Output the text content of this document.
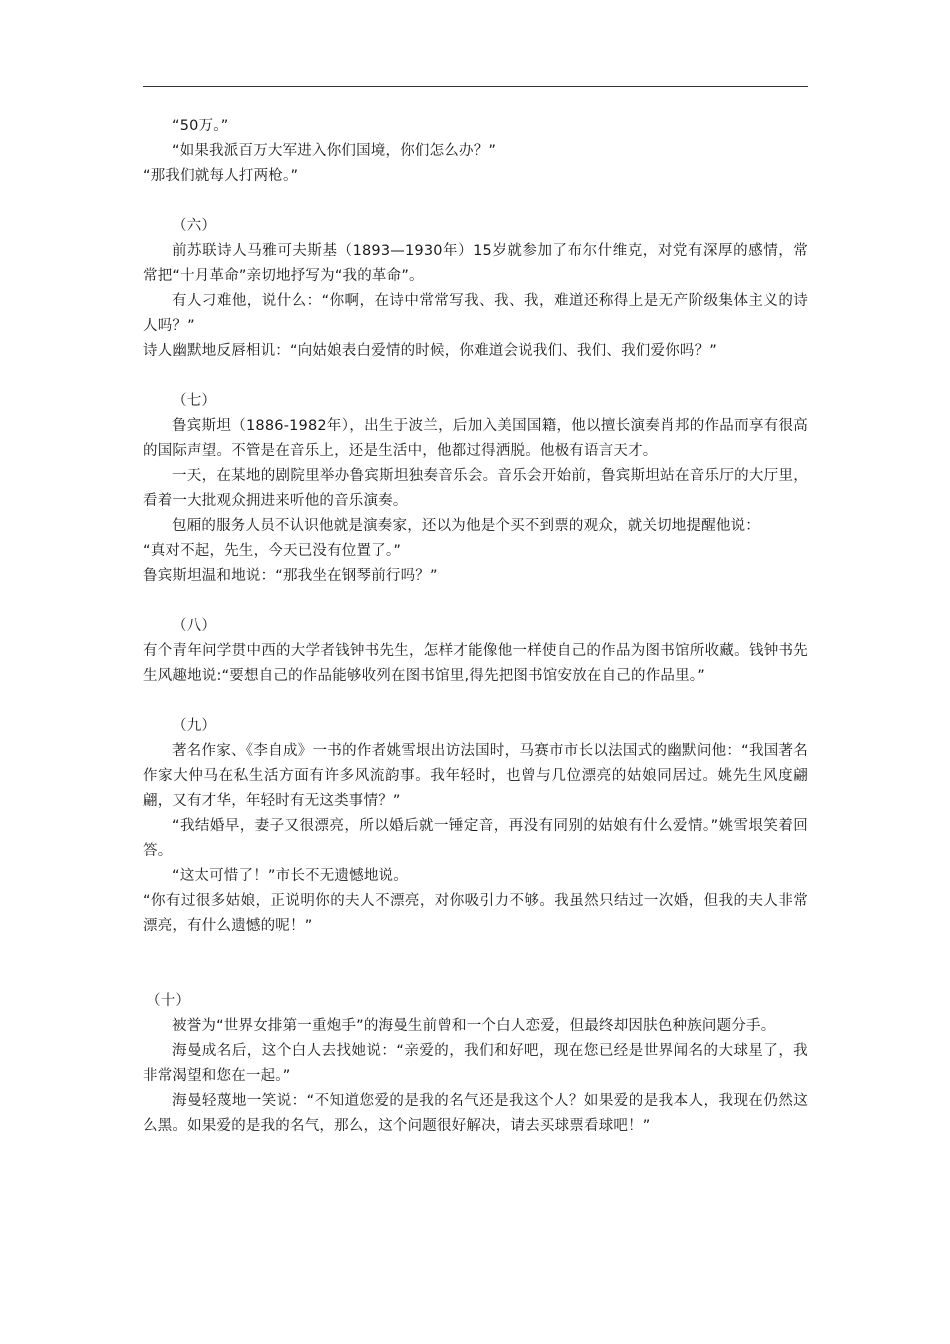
“50万。”

“如果我派百万大军进入你们国境，你们怎么办？”

“那我们就每人打两枪。”

（六）

前苏联诗人马雅可夫斯基（1893—1930年）15岁就参加了布尔什维克，对党有深厚的感情，常常把“十月革命”亲切地抒写为“我的革命”。

有人刁难他，说什么：“你啊，在诗中常常写我、我、我，难道还称得上是无产阶级集体主义的诗人吗？”

诗人幽默地反唇相讥：“向姑娘表白爱情的时候，你难道会说我们、我们、我们爱你吗？”

（七）

鲁宾斯坦（1886-1982年），出生于波兰，后加入美国国籍，他以擅长演奏肖邦的作品而享有很高的国际声望。不管是在音乐上，还是生活中，他都过得洒脱。他极有语言天才。

一天，在某地的剧院里举办鲁宾斯坦独奏音乐会。音乐会开始前，鲁宾斯坦站在音乐厅的大厅里，看着一大批观众拥进来听他的音乐演奏。

包厢的服务人员不认识他就是演奏家，还以为他是个买不到票的观众，就关切地提醒他说：

“真对不起，先生，今天已没有位置了。”

鲁宾斯坦温和地说：“那我坐在钢琴前行吗？”

（八）

有个青年问学贯中西的大学者钱钟书先生，怎样才能像他一样使自己的作品为图书馆所收藏。钱钟书先生风趣地说:“要想自己的作品能够收列在图书馆里,得先把图书馆安放在自己的作品里。”

（九）

著名作家、《李自成》一书的作者姚雪垠出访法国时，马赛市市长以法国式的幽默问他：“我国著名作家大仲马在私生活方面有许多风流韵事。我年轻时，也曾与几位漂亮的姑娘同居过。姚先生风度翩翩，又有才华，年轻时有无这类事情？”

“我结婚早，妻子又很漂亮，所以婚后就一锤定音，再没有同别的姑娘有什么爱情。”姚雪垠笑着回答。

“这太可惜了！”市长不无遗憾地说。

“你有过很多姑娘，正说明你的夫人不漂亮，对你吸引力不够。我虽然只结过一次婚，但我的夫人非常漂亮，有什么遗憾的呢！”

（十）

被誉为“世界女排第一重炮手”的海曼生前曾和一个白人恋爱，但最终却因肤色种族问题分手。

海曼成名后，这个白人去找她说：“亲爱的，我们和好吧，现在您已经是世界闻名的大球星了，我非常渴望和您在一起。”

海曼轻蔑地一笑说：“不知道您爱的是我的名气还是我这个人？如果爱的是我本人，我现在仍然这么黑。如果爱的是我的名气，那么，这个问题很好解决，请去买球票看球吧！”
